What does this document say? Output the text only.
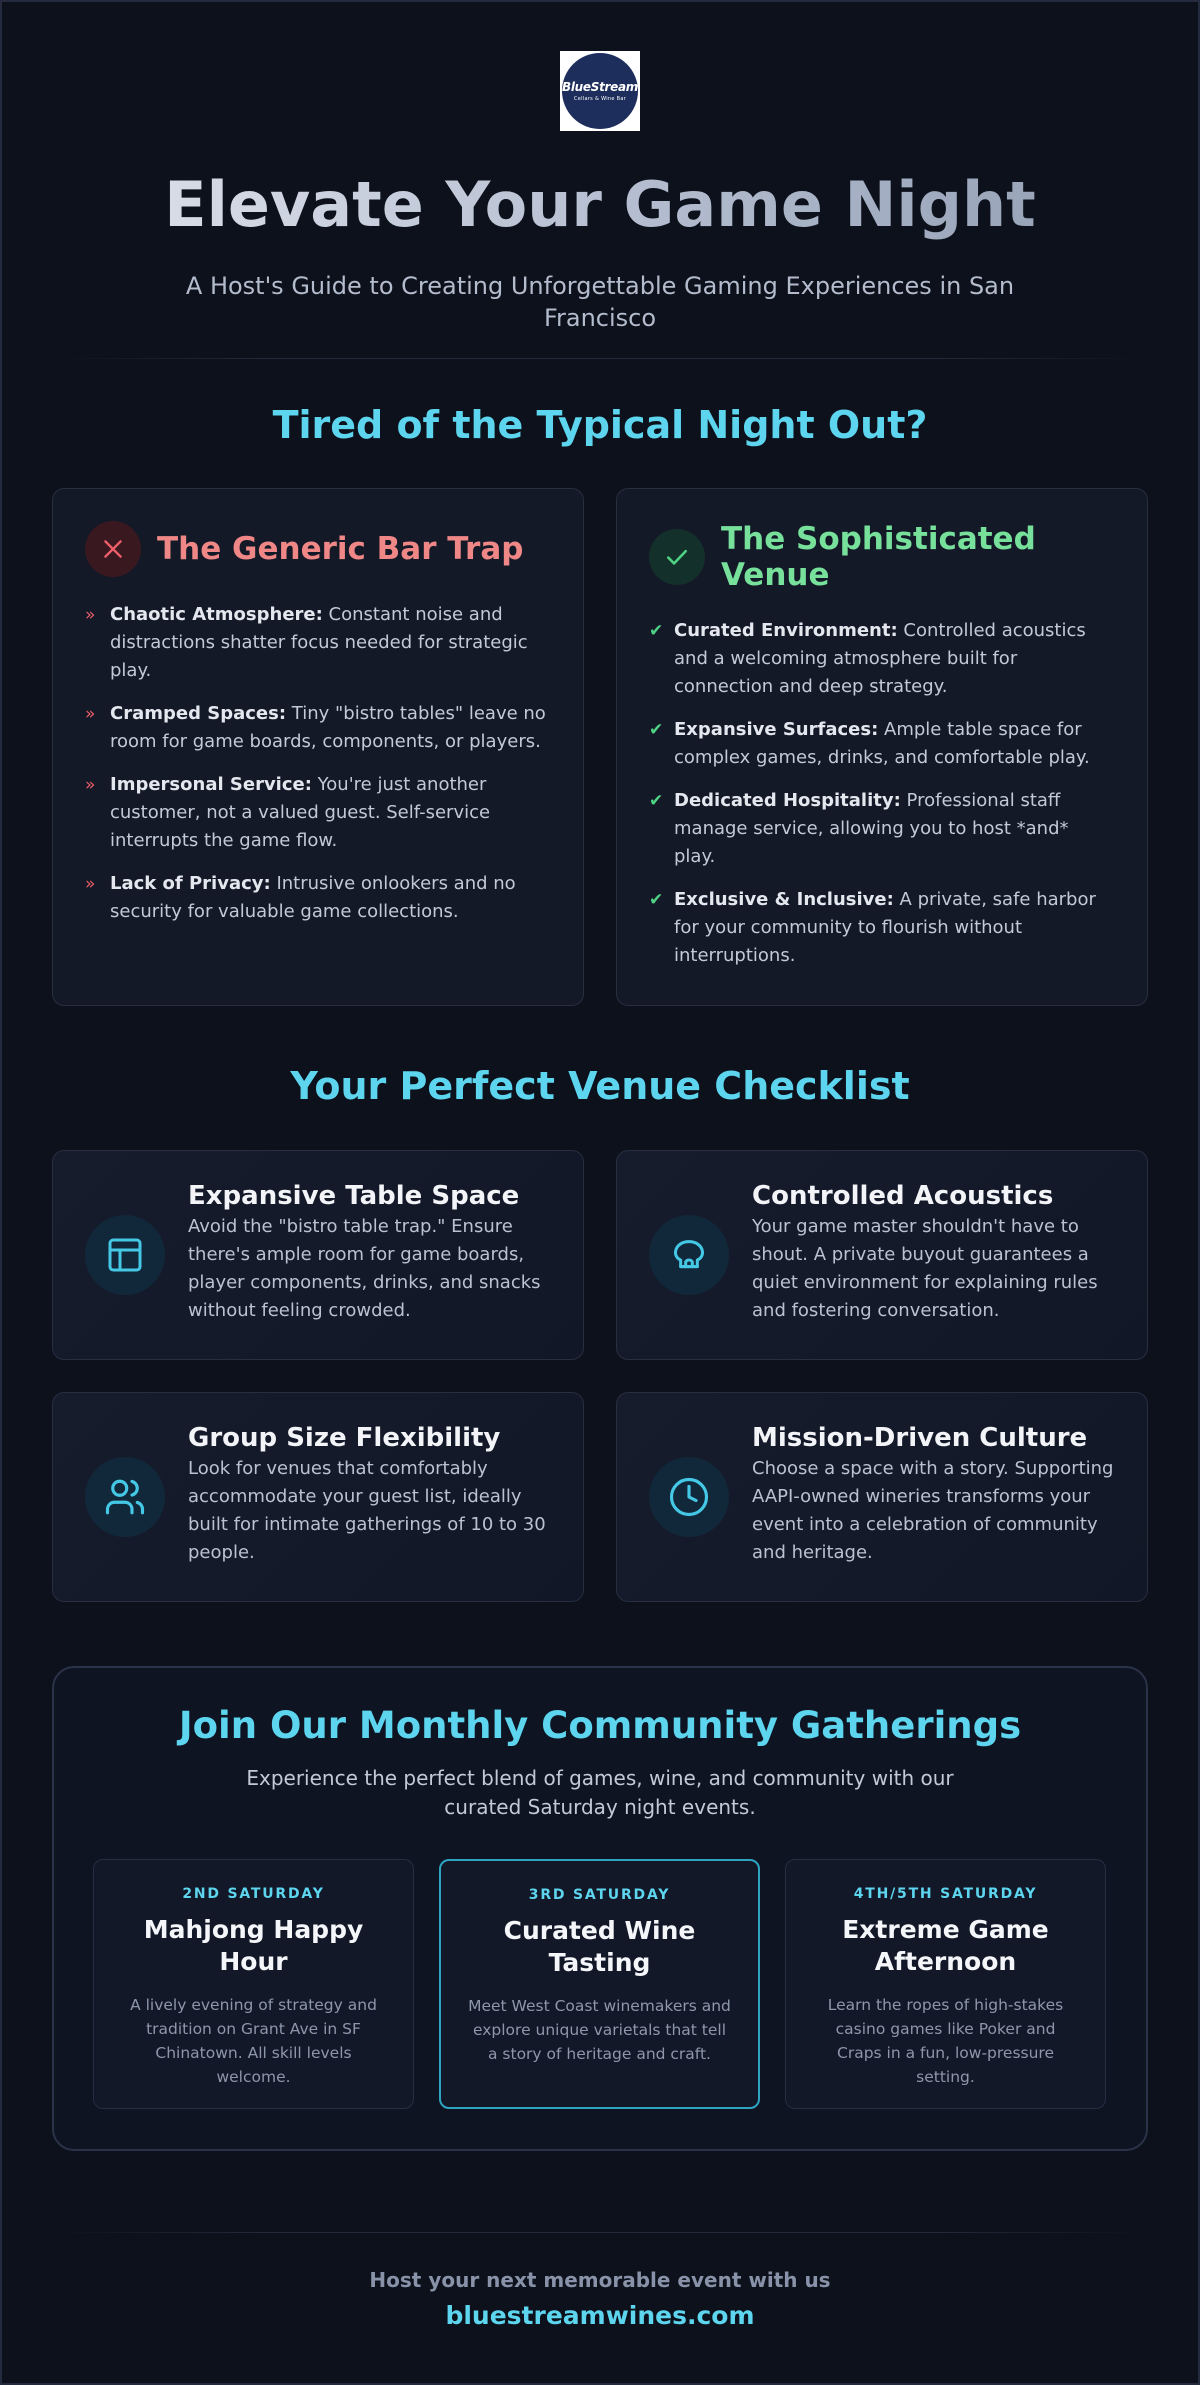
BlueStream
Cellars & Wine Bar
Elevate Your Game Night
A Host's Guide to Creating Unforgettable Gaming Experiences in San Francisco
Tired of the Typical Night Out?
The Generic Bar Trap
» Chaotic Atmosphere: Constant noise and distractions shatter focus needed for strategic play.
» Cramped Spaces: Tiny "bistro tables" leave no room for game boards, components, or players.
» Impersonal Service: You're just another customer, not a valued guest. Self-service interrupts the game flow.
» Lack of Privacy: Intrusive onlookers and no security for valuable game collections.
The Sophisticated Venue
✔ Curated Environment: Controlled acoustics and a welcoming atmosphere built for connection and deep strategy.
✔ Expansive Surfaces: Ample table space for complex games, drinks, and comfortable play.
✔ Dedicated Hospitality: Professional staff manage service, allowing you to host *and* play.
✔ Exclusive & Inclusive: A private, safe harbor for your community to flourish without interruptions.
Your Perfect Venue Checklist
Expansive Table Space
Avoid the "bistro table trap." Ensure there's ample room for game boards, player components, drinks, and snacks without feeling crowded.
Controlled Acoustics
Your game master shouldn't have to shout. A private buyout guarantees a quiet environment for explaining rules and fostering conversation.
Group Size Flexibility
Look for venues that comfortably accommodate your guest list, ideally built for intimate gatherings of 10 to 30 people.
Mission-Driven Culture
Choose a space with a story. Supporting AAPI-owned wineries transforms your event into a celebration of community and heritage.
Join Our Monthly Community Gatherings
Experience the perfect blend of games, wine, and community with our curated Saturday night events.
2ND SATURDAY
Mahjong Happy Hour
A lively evening of strategy and tradition on Grant Ave in SF Chinatown. All skill levels welcome.
3RD SATURDAY
Curated Wine Tasting
Meet West Coast winemakers and explore unique varietals that tell a story of heritage and craft.
4TH/5TH SATURDAY
Extreme Game Afternoon
Learn the ropes of high-stakes casino games like Poker and Craps in a fun, low-pressure setting.
Host your next memorable event with us
bluestreamwines.com
